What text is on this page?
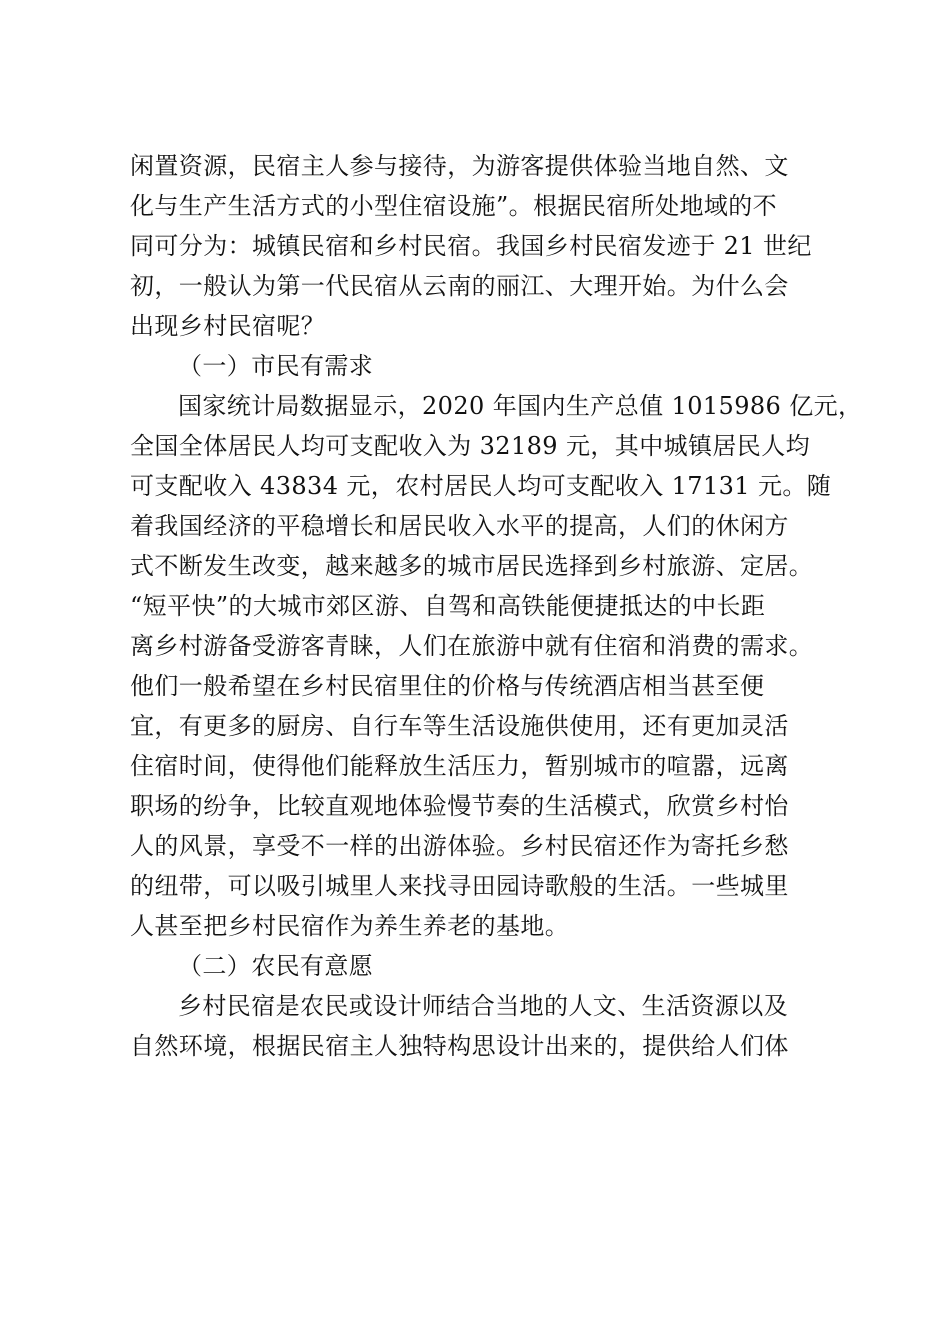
闲置资源，民宿主人参与接待，为游客提供体验当地自然、文
化与生产生活方式的小型住宿设施”。根据民宿所处地域的不
同可分为：城镇民宿和乡村民宿。我国乡村民宿发迹于 21 世纪
初，一般认为第一代民宿从云南的丽江、大理开始。为什么会
出现乡村民宿呢？
（一）市民有需求
国家统计局数据显示，2020 年国内生产总值 1015986 亿元，
全国全体居民人均可支配收入为 32189 元，其中城镇居民人均
可支配收入 43834 元，农村居民人均可支配收入 17131 元。随
着我国经济的平稳增长和居民收入水平的提高，人们的休闲方
式不断发生改变，越来越多的城市居民选择到乡村旅游、定居。
“短平快”的大城市郊区游、自驾和高铁能便捷抵达的中长距
离乡村游备受游客青睐，人们在旅游中就有住宿和消费的需求。
他们一般希望在乡村民宿里住的价格与传统酒店相当甚至便
宜，有更多的厨房、自行车等生活设施供使用，还有更加灵活
住宿时间，使得他们能释放生活压力，暂别城市的喧嚣，远离
职场的纷争，比较直观地体验慢节奏的生活模式，欣赏乡村怡
人的风景，享受不一样的出游体验。乡村民宿还作为寄托乡愁
的纽带，可以吸引城里人来找寻田园诗歌般的生活。一些城里
人甚至把乡村民宿作为养生养老的基地。
（二）农民有意愿
乡村民宿是农民或设计师结合当地的人文、生活资源以及
自然环境，根据民宿主人独特构思设计出来的，提供给人们体
